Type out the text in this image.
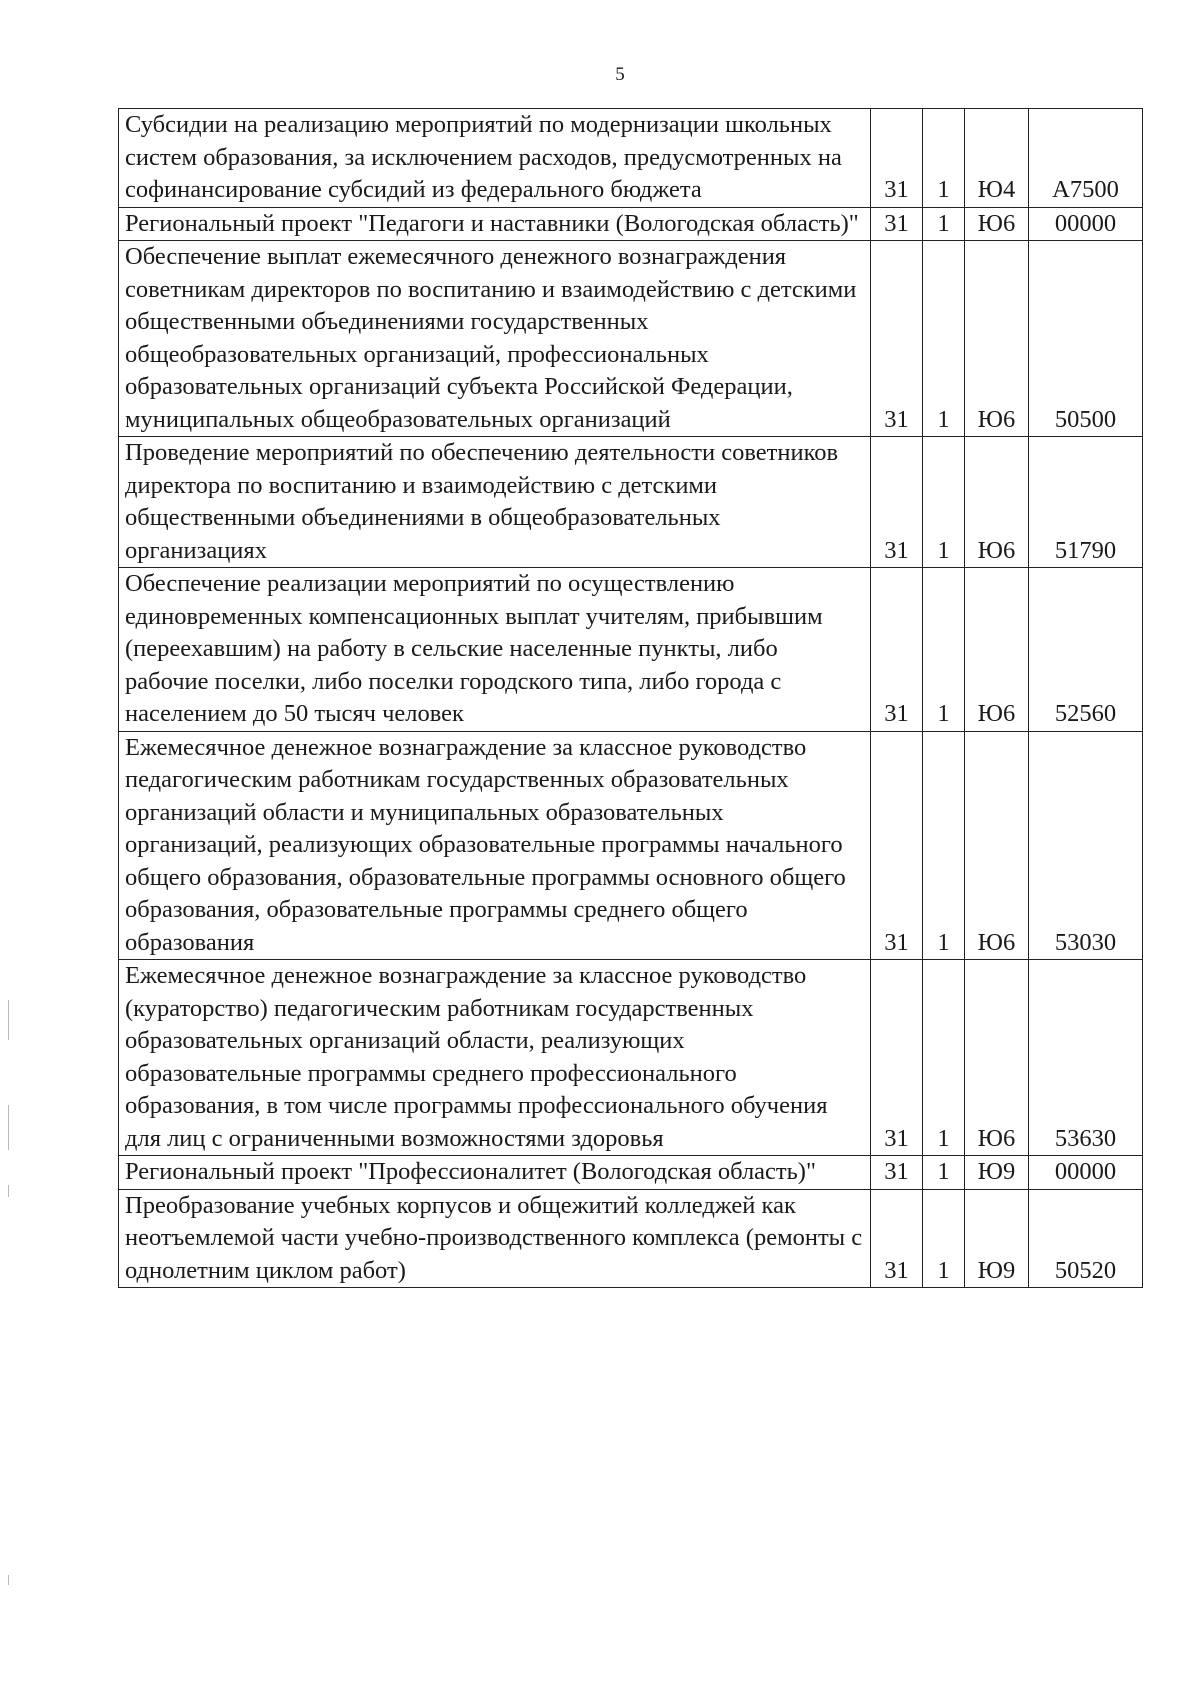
5
Субсидии на реализацию мероприятий по модернизации школьных систем образования, за исключением расходов, предусмотренных на софинансирование субсидий из федерального бюджета	31	1	Ю4	А7500
Региональный проект "Педагоги и наставники (Вологодская область)"	31	1	Ю6	00000
Обеспечение выплат ежемесячного денежного вознаграждения советникам директоров по воспитанию и взаимодействию с детскими общественными объединениями государственных общеобразовательных организаций, профессиональных образовательных организаций субъекта Российской Федерации, муниципальных общеобразовательных организаций	31	1	Ю6	50500
Проведение мероприятий по обеспечению деятельности советников директора по воспитанию и взаимодействию с детскими общественными объединениями в общеобразовательных организациях	31	1	Ю6	51790
Обеспечение реализации мероприятий по осуществлению единовременных компенсационных выплат учителям, прибывшим (переехавшим) на работу в сельские населенные пункты, либо рабочие поселки, либо поселки городского типа, либо города с населением до 50 тысяч человек	31	1	Ю6	52560
Ежемесячное денежное вознаграждение за классное руководство педагогическим работникам государственных образовательных организаций области и муниципальных образовательных организаций, реализующих образовательные программы начального общего образования, образовательные программы основного общего образования, образовательные программы среднего общего образования	31	1	Ю6	53030
Ежемесячное денежное вознаграждение за классное руководство (кураторство) педагогическим работникам государственных образовательных организаций области, реализующих образовательные программы среднего профессионального образования, в том числе программы профессионального обучения для лиц с ограниченными возможностями здоровья	31	1	Ю6	53630
Региональный проект "Профессионалитет (Вологодская область)"	31	1	Ю9	00000
Преобразование учебных корпусов и общежитий колледжей как неотъемлемой части учебно-производственного комплекса (ремонты с однолетним циклом работ)	31	1	Ю9	50520
